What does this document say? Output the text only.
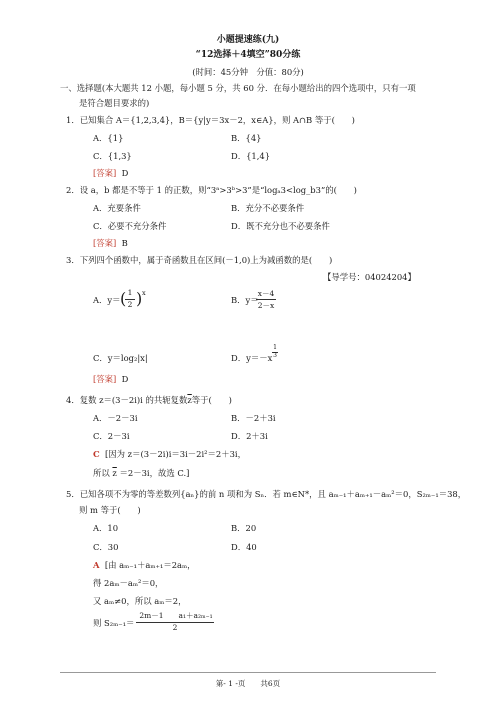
小题提速练(九)
“12选择＋4填空”80分练
(时间：45分钟　分值：80分)
一、选择题(本大题共 12 小题，每小题 5 分，共 60 分．在每小题给出的四个选项中，只有一项
是符合题目要求的)
1．已知集合 A＝{1,2,3,4}，B＝{y|y＝3x－2，x∈A}，则 A∩B 等于(　　)
A．{1}	B．{4}
C．{1,3}	D．{1,4}
[答案] D
2．设 a，b 都是不等于 1 的正数，则“3ᵃ>3ᵇ>3”是“logₐ3<log_b3”的(　　)
A．充要条件	B．充分不必要条件
C．必要不充分条件	D．既不充分也不必要条件
[答案] B
3．下列四个函数中，属于奇函数且在区间(－1,0)上为减函数的是(　　)
【导学号：04024204】
A．y＝ ( 1
2 ) x
B．y＝
x－4
2－x
C．y＝log₂|x|	D．y＝－x
1
3
[答案] D
4．复数 z＝(3－2i)i 的共轭复数$\overline{z}$等于(　　)
A．－2－3i	B．－2＋3i
C．2－3i	D．2＋3i
C [因为 z＝(3－2i)i＝3i－2i²＝2＋3i，
所以 $\overline{z} =2-3i$，故选 C.]
5．已知各项不为零的等差数列{aₙ}的前 n 项和为 Sₙ．若 m∈N*，且 aₘ₋₁＋aₘ₊₁－aₘ²＝0，S₂ₘ₋₁＝38，
则 m 等于(　　)
A．10	B．20
C．30	D．40
A [由 aₘ₋₁＋aₘ₊₁＝2aₘ，
得 2aₘ－aₘ²＝0，
又 aₘ≠0，所以 aₘ＝2，
则 S₂ₘ₋₁＝
2m－1　　a₁＋a₂ₘ₋₁
2
第- 1 -页　　共6页
